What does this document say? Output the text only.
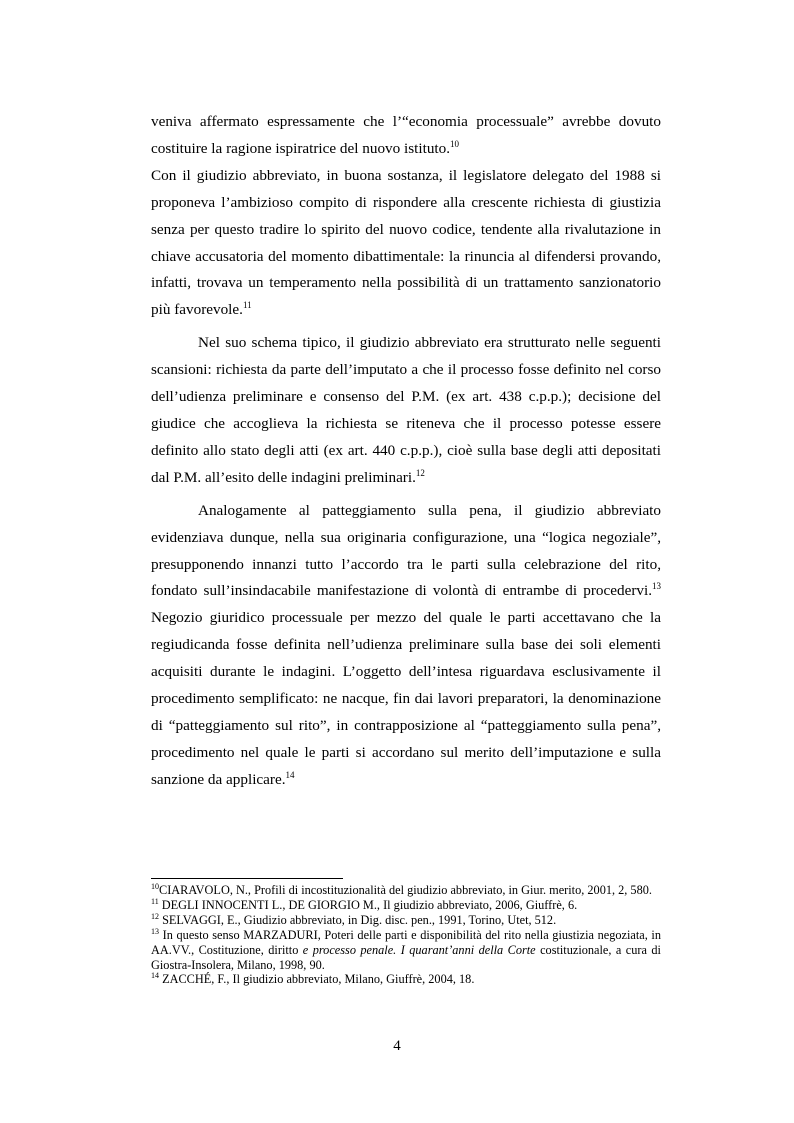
veniva affermato espressamente che l’“economia processuale” avrebbe dovuto costituire la ragione ispiratrice del nuovo istituto.$^{10}$

Con il giudizio abbreviato, in buona sostanza, il legislatore delegato del 1988 si proponeva l’ambizioso compito di rispondere alla crescente richiesta di giustizia senza per questo tradire lo spirito del nuovo codice, tendente alla rivalutazione in chiave accusatoria del momento dibattimentale: la rinuncia al difendersi provando, infatti, trovava un temperamento nella possibilità di un trattamento sanzionatorio più favorevole.$^{11}$

Nel suo schema tipico, il giudizio abbreviato era strutturato nelle seguenti scansioni: richiesta da parte dell’imputato a che il processo fosse definito nel corso dell’udienza preliminare e consenso del P.M. (ex art. 438 c.p.p.); decisione del giudice che accoglieva la richiesta se riteneva che il processo potesse essere definito allo stato degli atti (ex art. 440 c.p.p.), cioè sulla base degli atti depositati dal P.M. all’esito delle indagini preliminari.$^{12}$

Analogamente al patteggiamento sulla pena, il giudizio abbreviato evidenziava dunque, nella sua originaria configurazione, una “logica negoziale”, presupponendo innanzi tutto l’accordo tra le parti sulla celebrazione del rito, fondato sull’insindacabile manifestazione di volontà di entrambe di procedervi.$^{13}$ Negozio giuridico processuale per mezzo del quale le parti accettavano che la regiudicanda fosse definita nell’udienza preliminare sulla base dei soli elementi acquisiti durante le indagini. L’oggetto dell’intesa riguardava esclusivamente il procedimento semplificato: ne nacque, fin dai lavori preparatori, la denominazione di “patteggiamento sul rito”, in contrapposizione al “patteggiamento sulla pena”, procedimento nel quale le parti si accordano sul merito dell’imputazione e sulla sanzione da applicare.$^{14}$

$^{10}$CIARAVOLO, N., Profili di incostituzionalità del giudizio abbreviato, in Giur. merito, 2001, 2, 580.

$^{11}$ DEGLI INNOCENTI L., DE GIORGIO M., Il giudizio abbreviato, 2006, Giuffrè, 6.

$^{12}$ SELVAGGI, E., Giudizio abbreviato, in Dig. disc. pen., 1991, Torino, Utet, 512.

$^{13}$ In questo senso MARZADURI, Poteri delle parti e disponibilità del rito nella giustizia negoziata, in AA.VV., Costituzione, diritto e processo penale. I quarant’anni della Corte costituzionale, a cura di Giostra-Insolera, Milano, 1998, 90.

$^{14}$ ZACCHÉ, F., Il giudizio abbreviato, Milano, Giuffrè, 2004, 18.

4
